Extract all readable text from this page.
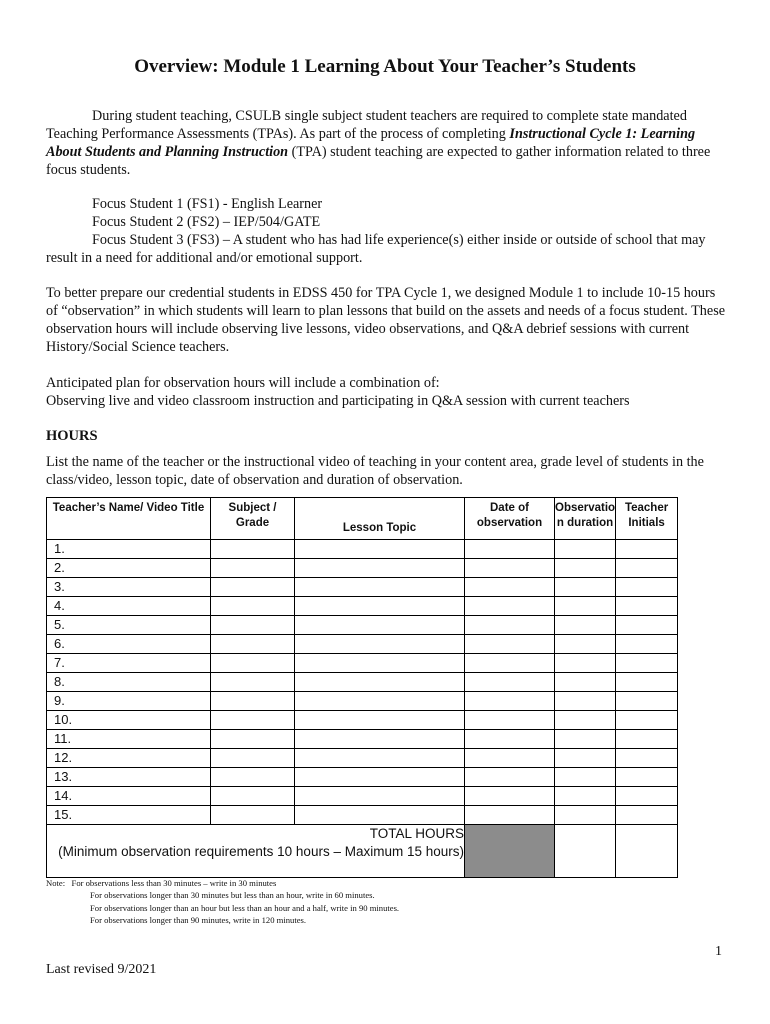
Overview: Module 1 Learning About Your Teacher’s Students
During student teaching, CSULB single subject student teachers are required to complete state mandated Teaching Performance Assessments (TPAs). As part of the process of completing Instructional Cycle 1: Learning About Students and Planning Instruction (TPA) student teaching are expected to gather information related to three focus students.
Focus Student 1 (FS1) - English Learner
Focus Student 2 (FS2) – IEP/504/GATE
Focus Student 3 (FS3) – A student who has had life experience(s) either inside or outside of school that may result in a need for additional and/or emotional support.
To better prepare our credential students in EDSS 450 for TPA Cycle 1, we designed Module 1 to include 10-15 hours of “observation” in which students will learn to plan lessons that build on the assets and needs of a focus student. These observation hours will include observing live lessons, video observations, and Q&A debrief sessions with current History/Social Science teachers.
Anticipated plan for observation hours will include a combination of:
Observing live and video classroom instruction and participating in Q&A session with current teachers
HOURS
List the name of the teacher or the instructional video of teaching in your content area, grade level of students in the class/video, lesson topic, date of observation and duration of observation.
Teacher’s Name/ Video Title	Subject / Grade	Lesson Topic	Date of observation	Observatio n duration	Teacher Initials
1.					
2.					
3.					
4.					
5.					
6.					
7.					
8.					
9.					
10.					
11.					
12.					
13.					
14.					
15.					

TOTAL HOURS
(Minimum observation requirements 10 hours – Maximum 15 hours)					

Note: For observations less than 30 minutes – write in 30 minutes
For observations longer than 30 minutes but less than an hour, write in 60 minutes.
For observations longer than an hour but less than an hour and a half, write in 90 minutes.
For observations longer than 90 minutes, write in 120 minutes.
1
Last revised 9/2021
